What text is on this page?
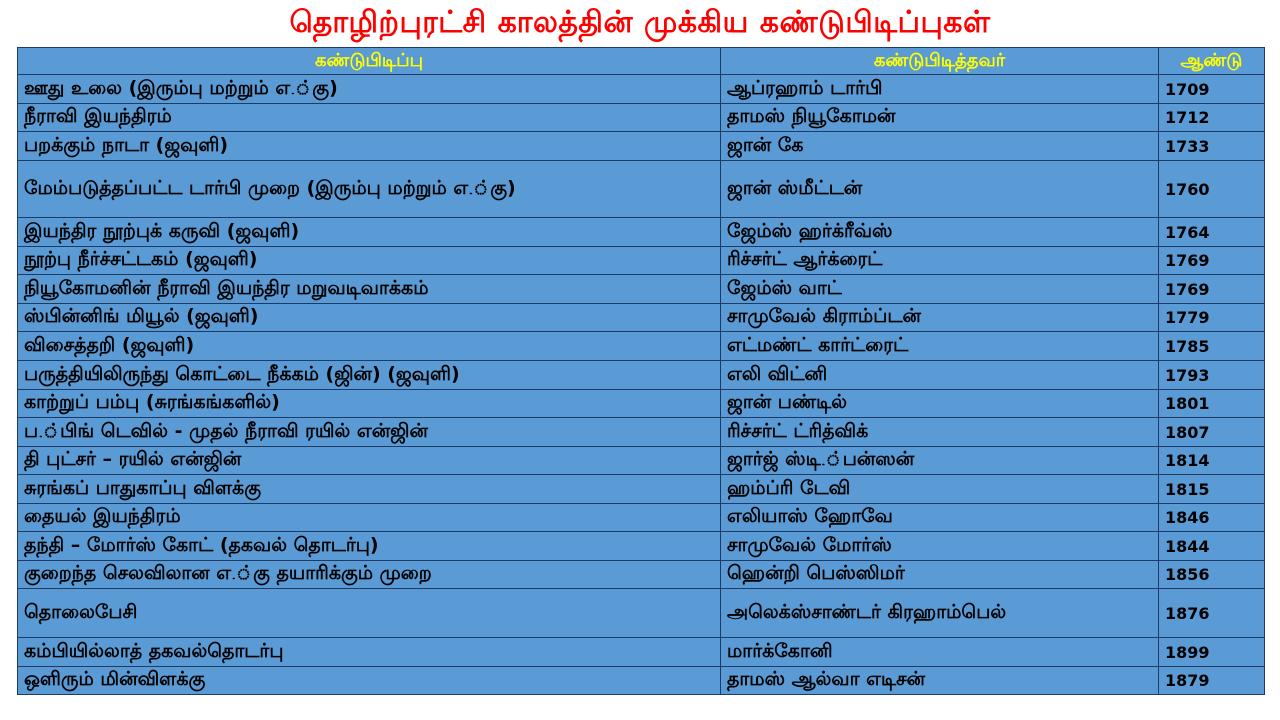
தொழிற்புரட்சி காலத்தின் முக்கிய கண்டுபிடிப்புகள்
கண்டுபிடிப்பு	கண்டுபிடித்தவர்	ஆண்டு
ஊது உலை (இரும்பு மற்றும் எ.்கு)	ஆப்ரஹாம் டார்பி	1709
நீராவி இயந்திரம்	தாமஸ் நியூகோமன்	1712
பறக்கும் நாடா (ஜவுளி)	ஜான் கே	1733
மேம்படுத்தப்பட்ட டார்பி முறை (இரும்பு மற்றும் எ.்கு)	ஜான் ஸ்மீட்டன்	1760
இயந்திர நூற்புக் கருவி (ஜவுளி)	ஜேம்ஸ் ஹர்க்ரீவ்ஸ்	1764
நூற்பு நீர்ச்சட்டகம் (ஜவுளி)	ரிச்சர்ட் ஆர்க்ரைட்	1769
நியூகோமனின் நீராவி இயந்திர மறுவடிவாக்கம்	ஜேம்ஸ் வாட்	1769
ஸ்பின்னிங் மியூல் (ஜவுளி)	சாமுவேல் கிராம்ப்டன்	1779
விசைத்தறி (ஜவுளி)	எட்மண்ட் கார்ட்ரைட்	1785
பருத்தியிலிருந்து கொட்டை நீக்கம் (ஜின்) (ஜவுளி)	எலி விட்னி	1793
காற்றுப் பம்பு (சுரங்கங்களில்)	ஜான் பண்டில்	1801
ப.்பிங் டெவில் - முதல் நீராவி ரயில் என்ஜின்	ரிச்சர்ட் ட்ரித்விக்	1807
தி புட்சர் – ரயில் என்ஜின்	ஜார்ஜ் ஸ்டி.்பன்ஸன்	1814
சுரங்கப் பாதுகாப்பு விளக்கு	ஹம்ப்ரி டேவி	1815
தையல் இயந்திரம்	எலியாஸ் ஹோவே	1846
தந்தி – மோர்ஸ் கோட் (தகவல் தொடர்பு)	சாமுவேல் மோர்ஸ்	1844
குறைந்த செலவிலான எ.்கு தயாரிக்கும் முறை	ஹென்றி பெஸ்ஸிமர்	1856
தொலைபேசி	அலெக்ஸ்சாண்டர் கிரஹாம்பெல்	1876
கம்பியில்லாத் தகவல்தொடர்பு	மார்க்கோனி	1899
ஒளிரும் மின்விளக்கு	தாமஸ் ஆல்வா எடிசன்	1879
